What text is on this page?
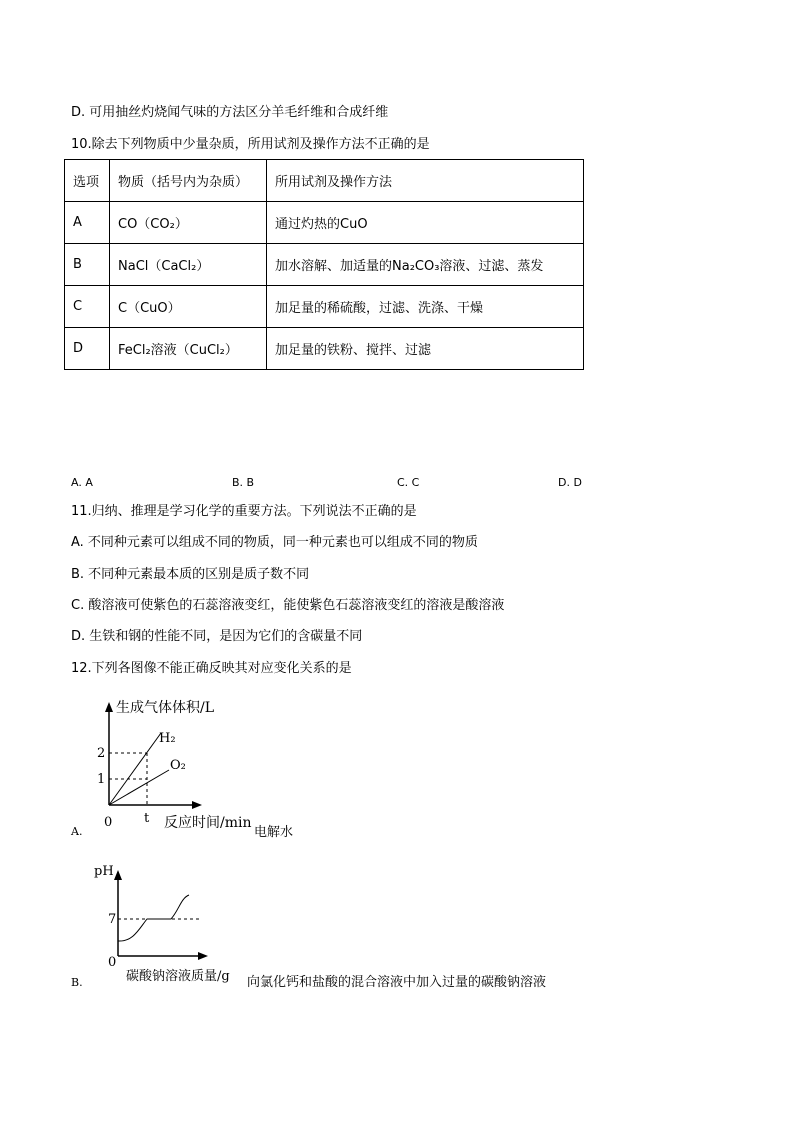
D. 可用抽丝灼烧闻气味的方法区分羊毛纤维和合成纤维
10.除去下列物质中少量杂质，所用试剂及操作方法不正确的是
选项	物质（括号内为杂质）	所用试剂及操作方法
A	CO（CO₂）	通过灼热的CuO
B	NaCl（CaCl₂）	加水溶解、加适量的Na₂CO₃溶液、过滤、蒸发
C	C（CuO）	加足量的稀硫酸，过滤、洗涤、干燥
D	FeCl₂溶液（CuCl₂）	加足量的铁粉、搅拌、过滤
A. A	B. B	C. C	D. D
11.归纳、推理是学习化学的重要方法。下列说法不正确的是
A. 不同种元素可以组成不同的物质，同一种元素也可以组成不同的物质
B. 不同种元素最本质的区别是质子数不同
C. 酸溶液可使紫色的石蕊溶液变红，能使紫色石蕊溶液变红的溶液是酸溶液
D. 生铁和钢的性能不同，是因为它们的含碳量不同
12.下列各图像不能正确反映其对应变化关系的是
生成气体体积/L
H₂
O₂
2
1
0 t 反应时间/min
A.	电解水
pH
7
0
碳酸钠溶液质量/g
B.	向氯化钙和盐酸的混合溶液中加入过量的碳酸钠溶液
